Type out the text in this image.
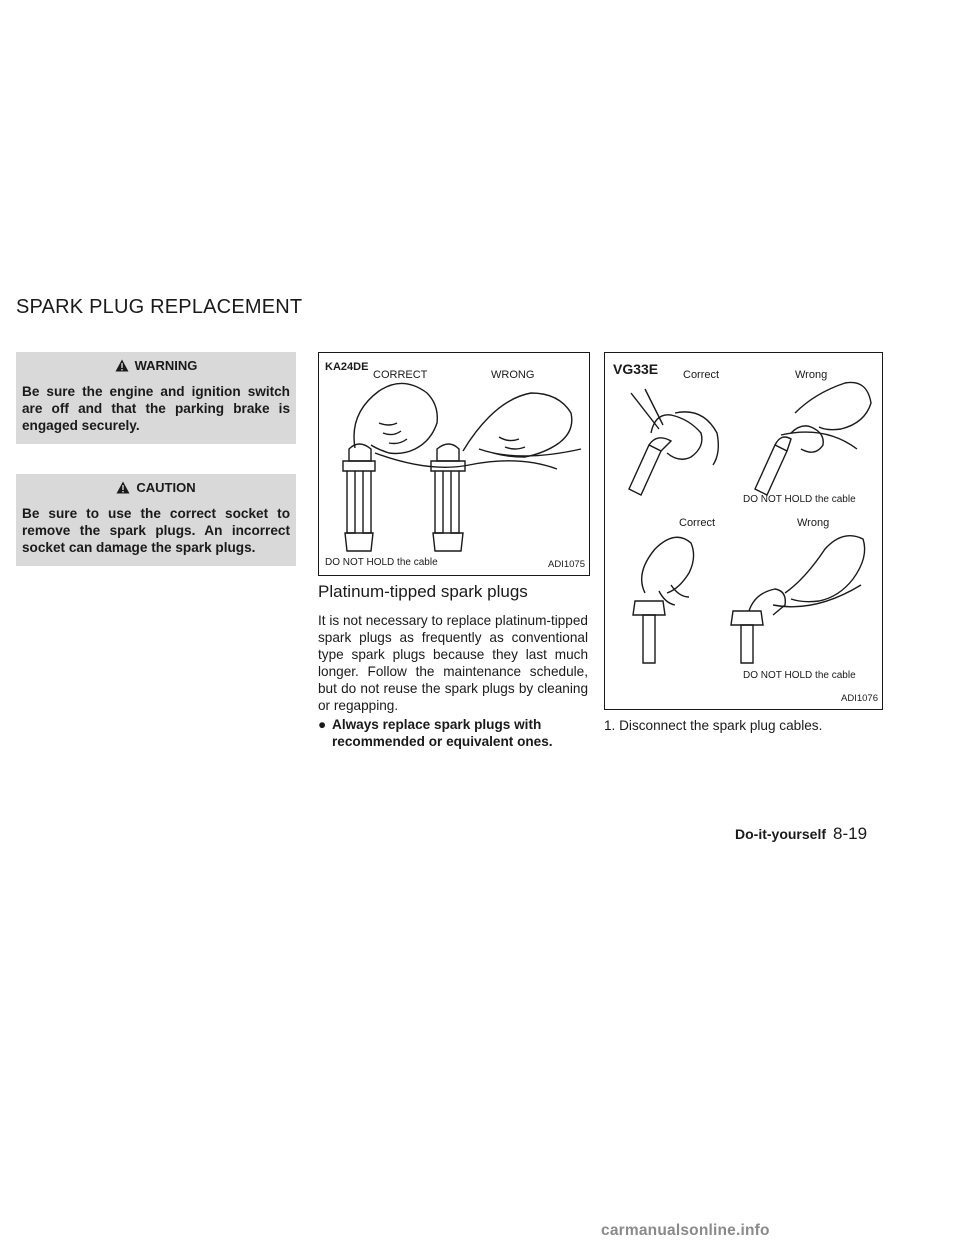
SPARK PLUG REPLACEMENT
WARNING
Be sure the engine and ignition switch are off and that the parking brake is engaged securely.
CAUTION
Be sure to use the correct socket to remove the spark plugs. An incorrect socket can damage the spark plugs.
KA24DE
CORRECT	WRONG
DO NOT HOLD the cable	ADI1075
VG33E Correct	Wrong
DO NOT HOLD the cable
Correct	Wrong
DO NOT HOLD the cable
ADI1076
Platinum-tipped spark plugs

It is not necessary to replace platinum-tipped spark plugs as frequently as conventional type spark plugs because they last much longer. Follow the maintenance schedule, but do not reuse the spark plugs by cleaning or regapping.

● Always replace spark plugs with recommended or equivalent ones.
1. Disconnect the spark plug cables.
Do-it-yourself 8-19
carmanualsonline.info
